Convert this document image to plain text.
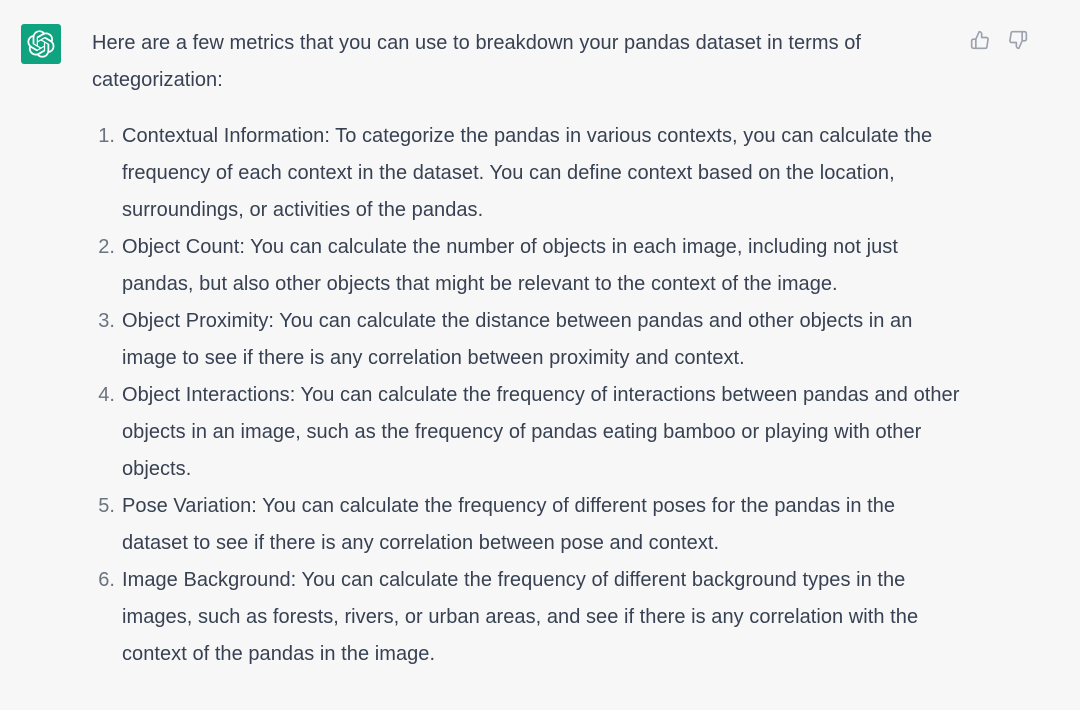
Here are a few metrics that you can use to breakdown your pandas dataset in terms of categorization:

1. Contextual Information: To categorize the pandas in various contexts, you can calculate the frequency of each context in the dataset. You can define context based on the location, surroundings, or activities of the pandas.
2. Object Count: You can calculate the number of objects in each image, including not just pandas, but also other objects that might be relevant to the context of the image.
3. Object Proximity: You can calculate the distance between pandas and other objects in an image to see if there is any correlation between proximity and context.
4. Object Interactions: You can calculate the frequency of interactions between pandas and other objects in an image, such as the frequency of pandas eating bamboo or playing with other objects.
5. Pose Variation: You can calculate the frequency of different poses for the pandas in the dataset to see if there is any correlation between pose and context.
6. Image Background: You can calculate the frequency of different background types in the images, such as forests, rivers, or urban areas, and see if there is any correlation with the context of the pandas in the image.
